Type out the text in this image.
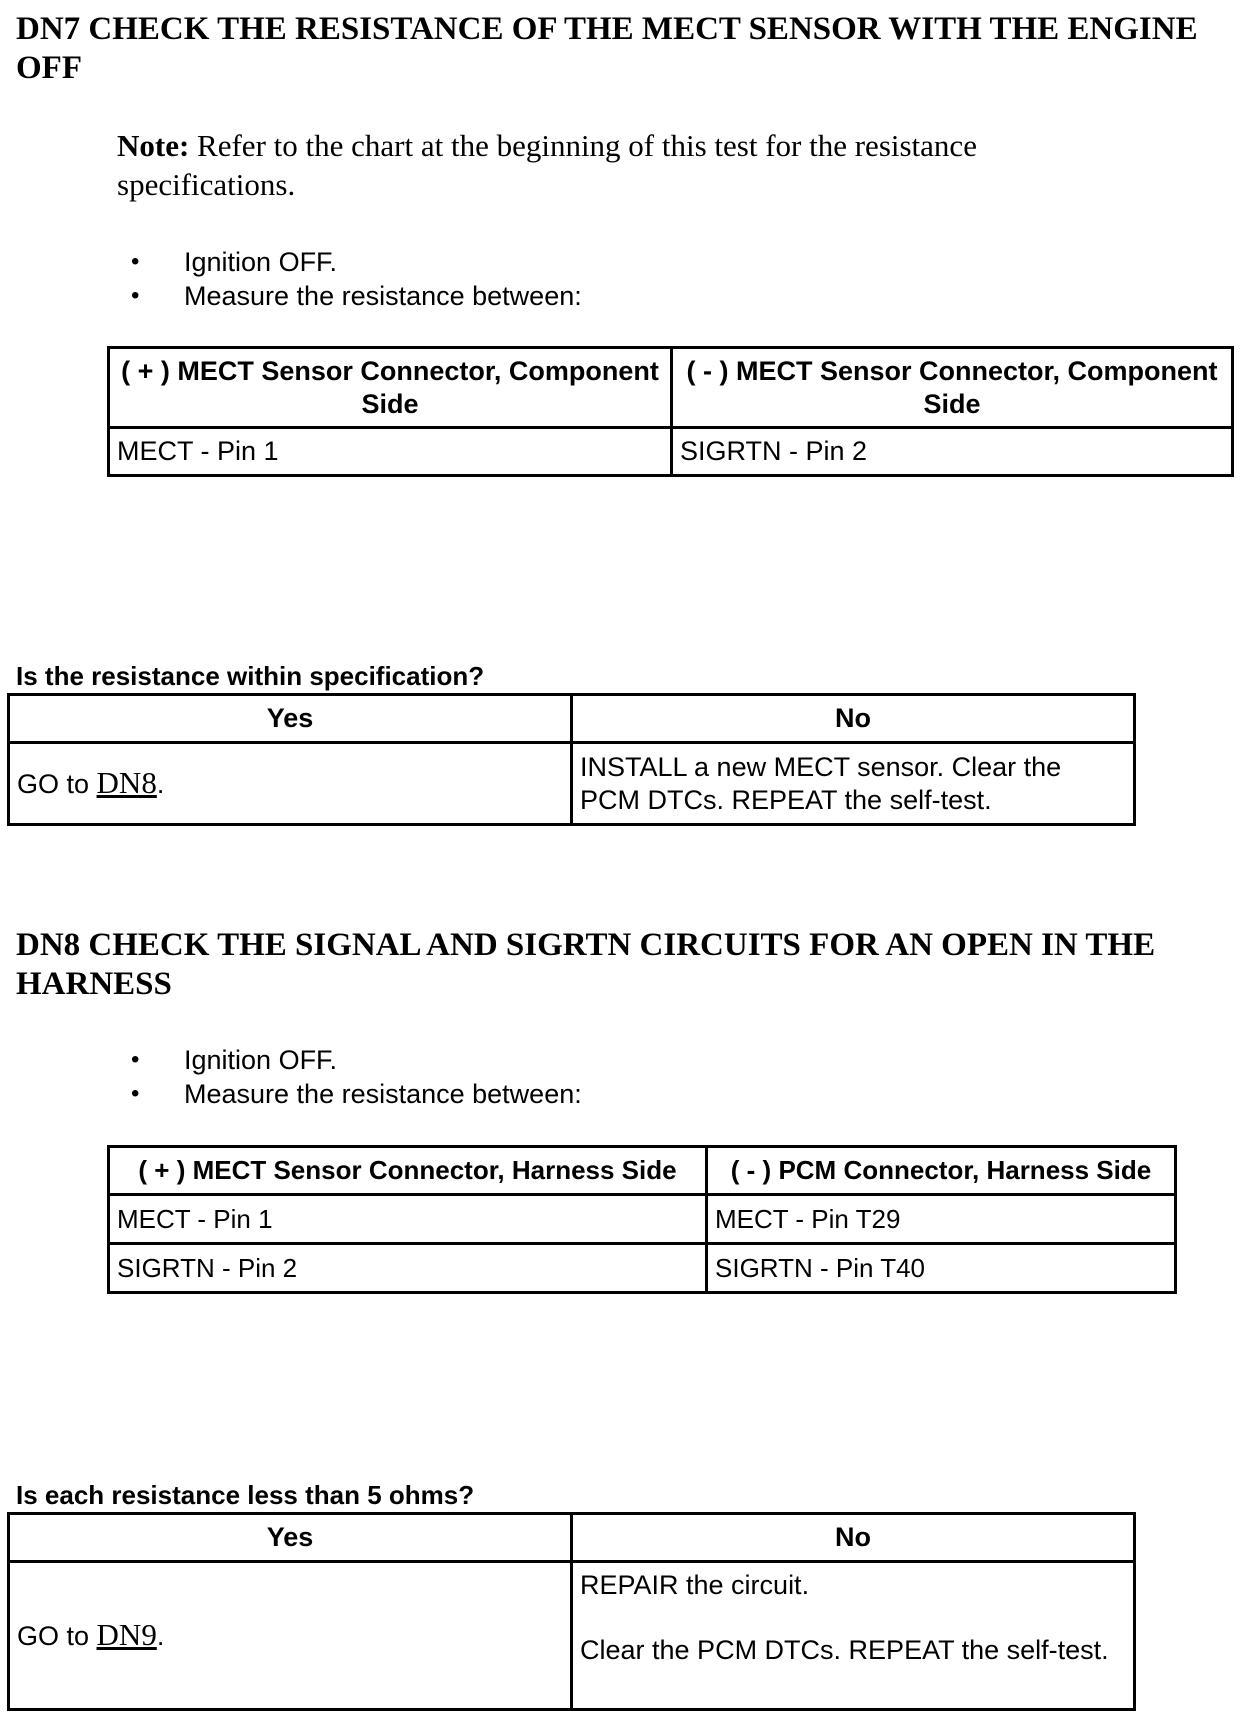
DN7 CHECK THE RESISTANCE OF THE MECT SENSOR WITH THE ENGINE OFF

Note: Refer to the chart at the beginning of this test for the resistance specifications.

• Ignition OFF.
• Measure the resistance between:
( + ) MECT Sensor Connector, Component Side	( - ) MECT Sensor Connector, Component Side
MECT - Pin 1	SIGRTN - Pin 2

Is the resistance within specification?

Yes	No
GO to DN8.	INSTALL a new MECT sensor. Clear the PCM DTCs. REPEAT the self-test.
DN8 CHECK THE SIGNAL AND SIGRTN CIRCUITS FOR AN OPEN IN THE HARNESS
• Ignition OFF.
• Measure the resistance between:
( + ) MECT Sensor Connector, Harness Side	( - ) PCM Connector, Harness Side
MECT - Pin 1	MECT - Pin T29
SIGRTN - Pin 2	SIGRTN - Pin T40

Is each resistance less than 5 ohms?

Yes	No
GO to DN9.	REPAIR the circuit.
Clear the PCM DTCs. REPEAT the self-test.
